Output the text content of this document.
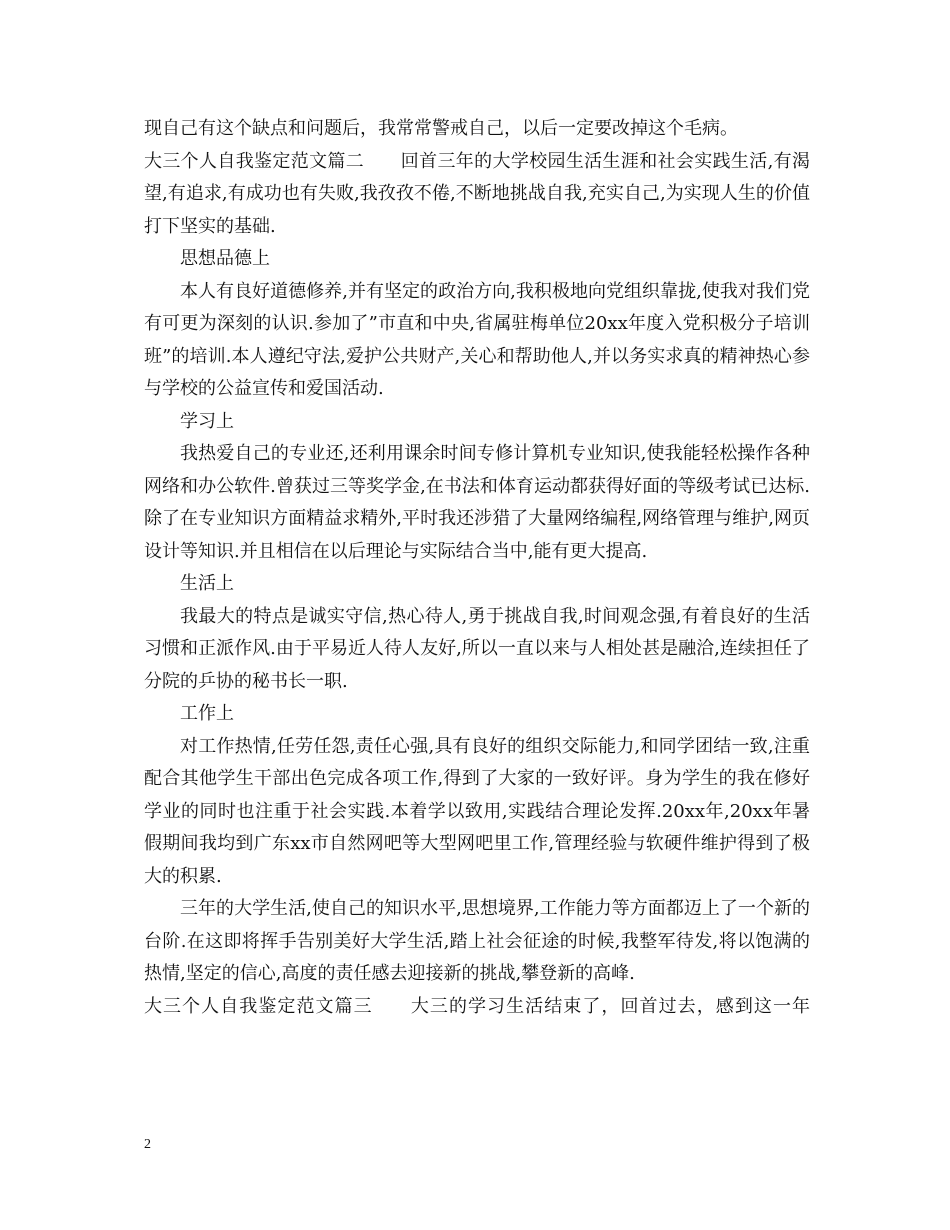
现自己有这个缺点和问题后，我常常警戒自己，以后一定要改掉这个毛病。

大三个人自我鉴定范文篇二　　回首三年的大学校园生活生涯和社会实践生活,有渴望,有追求,有成功也有失败,我孜孜不倦,不断地挑战自我,充实自己,为实现人生的价值打下坚实的基础.

思想品德上

本人有良好道德修养,并有坚定的政治方向,我积极地向党组织靠拢,使我对我们党有可更为深刻的认识.参加了”市直和中央,省属驻梅单位20xx年度入党积极分子培训班”的培训.本人遵纪守法,爱护公共财产,关心和帮助他人,并以务实求真的精神热心参与学校的公益宣传和爱国活动.

学习上

我热爱自己的专业还,还利用课余时间专修计算机专业知识,使我能轻松操作各种网络和办公软件.曾获过三等奖学金,在书法和体育运动都获得好面的等级考试已达标.除了在专业知识方面精益求精外,平时我还涉猎了大量网络编程,网络管理与维护,网页设计等知识.并且相信在以后理论与实际结合当中,能有更大提高.

生活上

我最大的特点是诚实守信,热心待人,勇于挑战自我,时间观念强,有着良好的生活习惯和正派作风.由于平易近人待人友好,所以一直以来与人相处甚是融洽,连续担任了分院的乒协的秘书长一职.

工作上

对工作热情,任劳任怨,责任心强,具有良好的组织交际能力,和同学团结一致,注重配合其他学生干部出色完成各项工作,得到了大家的一致好评。身为学生的我在修好学业的同时也注重于社会实践.本着学以致用,实践结合理论发挥.20xx年,20xx年暑假期间我均到广东xx市自然网吧等大型网吧里工作,管理经验与软硬件维护得到了极大的积累.

三年的大学生活,使自己的知识水平,思想境界,工作能力等方面都迈上了一个新的台阶.在这即将挥手告别美好大学生活,踏上社会征途的时候,我整军待发,将以饱满的热情,坚定的信心,高度的责任感去迎接新的挑战,攀登新的高峰.

大三个人自我鉴定范文篇三　　大三的学习生活结束了，回首过去，感到这一年

2
